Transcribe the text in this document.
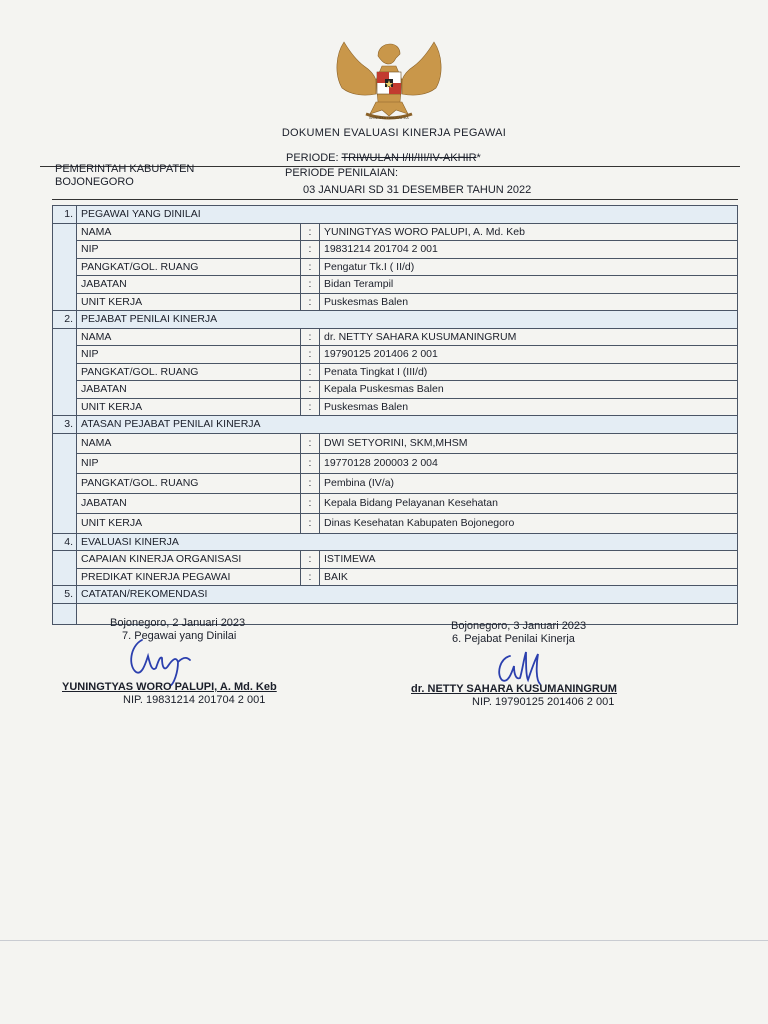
BHINNEKA TUNGGAL IKA
DOKUMEN EVALUASI KINERJA PEGAWAI
PERIODE: TRIWULAN I/II/III/IV-AKHIR*
PEMERINTAH KABUPATEN
BOJONEGORO
PERIODE PENILAIAN:
03 JANUARI SD 31 DESEMBER TAHUN 2022
1.	PEGAWAI YANG DINILAI		
	NAMA	:	YUNINGTYAS WORO PALUPI, A. Md. Keb
	NIP	:	19831214 201704 2 001
	PANGKAT/GOL. RUANG	:	Pengatur Tk.I ( II/d)
	JABATAN	:	Bidan Terampil
	UNIT KERJA	:	Puskesmas Balen
2.	PEJABAT PENILAI KINERJA		
	NAMA	:	dr. NETTY SAHARA KUSUMANINGRUM
	NIP	:	19790125 201406 2 001
	PANGKAT/GOL. RUANG	:	Penata Tingkat I (III/d)
	JABATAN	:	Kepala Puskesmas Balen
	UNIT KERJA	:	Puskesmas Balen
3.	ATASAN PEJABAT PENILAI KINERJA		
	NAMA	:	DWI SETYORINI, SKM,MHSM
	NIP	:	19770128 200003 2 004
	PANGKAT/GOL. RUANG	:	Pembina (IV/a)
	JABATAN	:	Kepala Bidang Pelayanan Kesehatan
	UNIT KERJA	:	Dinas Kesehatan Kabupaten Bojonegoro
4.	EVALUASI KINERJA		
	CAPAIAN KINERJA ORGANISASI	:	ISTIMEWA
	PREDIKAT KINERJA PEGAWAI	:	BAIK
5.	CATATAN/REKOMENDASI		

Bojonegoro, 2 Januari 2023
7. Pegawai yang Dinilai
YUNINGTYAS WORO PALUPI, A. Md. Keb
NIP. 19831214 201704 2 001
Bojonegoro, 3 Januari 2023
6. Pejabat Penilai Kinerja
dr. NETTY SAHARA KUSUMANINGRUM
NIP. 19790125 201406 2 001
